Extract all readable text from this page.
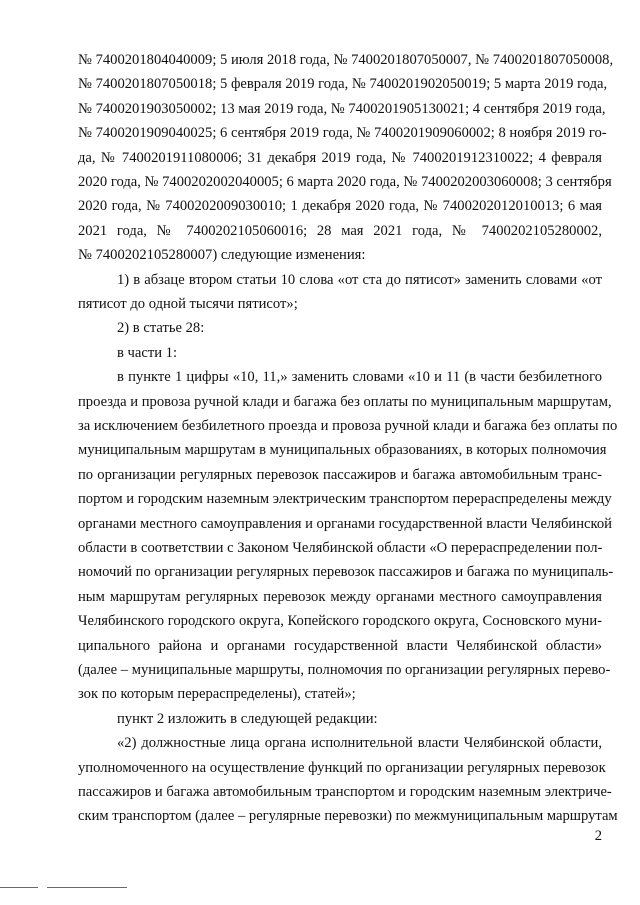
№ 7400201804040009; 5 июля 2018 года, № 7400201807050007, № 7400201807050008,
№ 7400201807050018; 5 февраля 2019 года, № 7400201902050019; 5 марта 2019 года,
№ 7400201903050002; 13 мая 2019 года, № 7400201905130021; 4 сентября 2019 года,
№ 7400201909040025; 6 сентября 2019 года, № 7400201909060002; 8 ноября 2019 го-
да, № 7400201911080006; 31 декабря 2019 года, № 7400201912310022; 4 февраля
2020 года, № 7400202002040005; 6 марта 2020 года, № 7400202003060008; 3 сентября
2020 года, № 7400202009030010; 1 декабря 2020 года, № 7400202012010013; 6 мая
2021 года, № 7400202105060016; 28 мая 2021 года, № 7400202105280002,
№ 7400202105280007) следующие изменения:
1) в абзаце втором статьи 10 слова «от ста до пятисот» заменить словами «от
пятисот до одной тысячи пятисот»;
2) в статье 28:
в части 1:
в пункте 1 цифры «10, 11,» заменить словами «10 и 11 (в части безбилетного
проезда и провоза ручной клади и багажа без оплаты по муниципальным маршрутам,
за исключением безбилетного проезда и провоза ручной клади и багажа без оплаты по
муниципальным маршрутам в муниципальных образованиях, в которых полномочия
по организации регулярных перевозок пассажиров и багажа автомобильным транс-
портом и городским наземным электрическим транспортом перераспределены между
органами местного самоуправления и органами государственной власти Челябинской
области в соответствии с Законом Челябинской области «О перераспределении пол-
номочий по организации регулярных перевозок пассажиров и багажа по муниципаль-
ным маршрутам регулярных перевозок между органами местного самоуправления
Челябинского городского округа, Копейского городского округа, Сосновского муни-
ципального района и органами государственной власти Челябинской области»
(далее – муниципальные маршруты, полномочия по организации регулярных перево-
зок по которым перераспределены), статей»;
пункт 2 изложить в следующей редакции:
«2) должностные лица органа исполнительной власти Челябинской области,
уполномоченного на осуществление функций по организации регулярных перевозок
пассажиров и багажа автомобильным транспортом и городским наземным электриче-
ским транспортом (далее – регулярные перевозки) по межмуниципальным маршрутам
2
